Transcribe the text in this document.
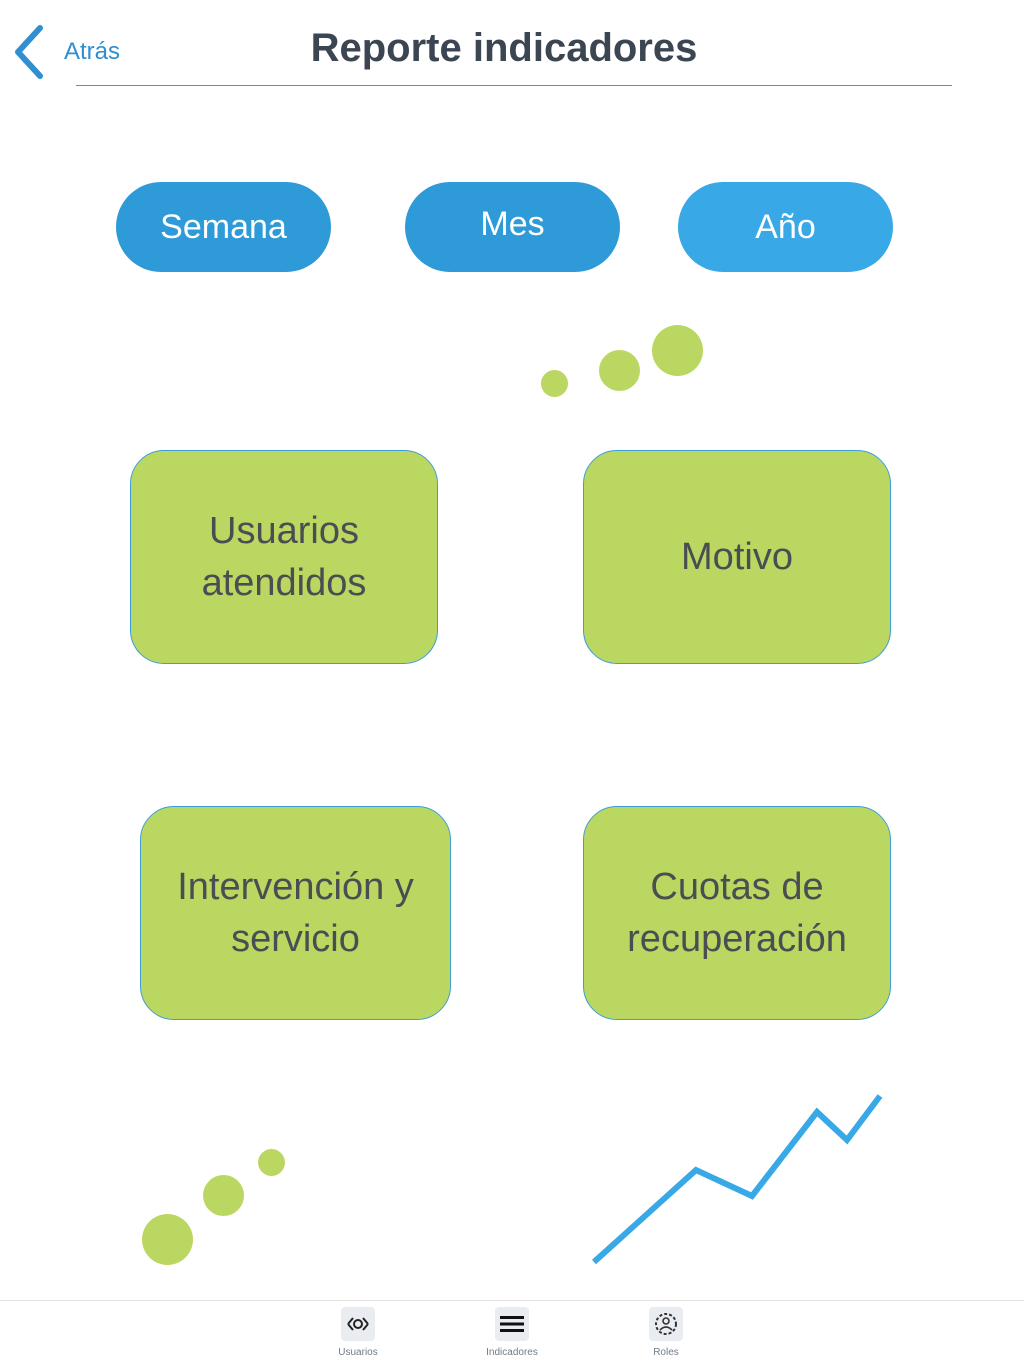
Atrás	Reporte indicadores
Semana	Mes	Año
Usuarios
atendidos
Motivo
Intervención y
servicio
Cuotas de
recuperación
Usuarios	Indicadores	Roles
